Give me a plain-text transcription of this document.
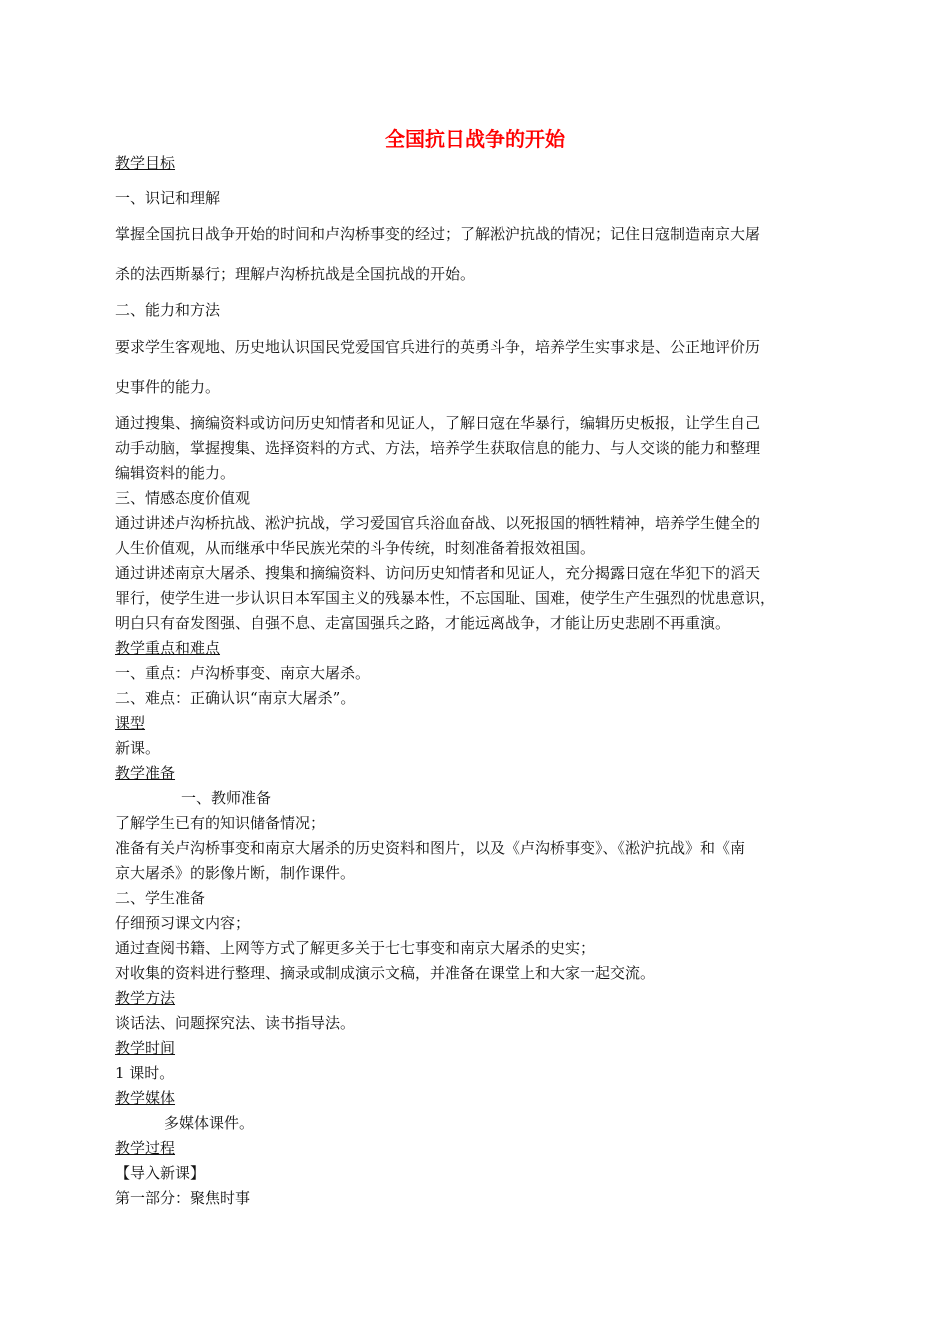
全国抗日战争的开始

教学目标

一、识记和理解

掌握全国抗日战争开始的时间和卢沟桥事变的经过；了解淞沪抗战的情况；记住日寇制造南京大屠

杀的法西斯暴行；理解卢沟桥抗战是全国抗战的开始。

二、能力和方法

要求学生客观地、历史地认识国民党爱国官兵进行的英勇斗争，培养学生实事求是、公正地评价历

史事件的能力。

通过搜集、摘编资料或访问历史知情者和见证人，了解日寇在华暴行，编辑历史板报，让学生自己

动手动脑，掌握搜集、选择资料的方式、方法，培养学生获取信息的能力、与人交谈的能力和整理

编辑资料的能力。

三、情感态度价值观

通过讲述卢沟桥抗战、淞沪抗战，学习爱国官兵浴血奋战、以死报国的牺牲精神，培养学生健全的

人生价值观，从而继承中华民族光荣的斗争传统，时刻准备着报效祖国。

通过讲述南京大屠杀、搜集和摘编资料、访问历史知情者和见证人，充分揭露日寇在华犯下的滔天

罪行，使学生进一步认识日本军国主义的残暴本性，不忘国耻、国难，使学生产生强烈的忧患意识，

明白只有奋发图强、自强不息、走富国强兵之路，才能远离战争，才能让历史悲剧不再重演。

教学重点和难点

一、重点：卢沟桥事变、南京大屠杀。

二、难点：正确认识“南京大屠杀”。

课型

新课。

教学准备

一、教师准备

了解学生已有的知识储备情况；

准备有关卢沟桥事变和南京大屠杀的历史资料和图片，以及《卢沟桥事变》、《淞沪抗战》和《南

京大屠杀》的影像片断，制作课件。

二、学生准备

仔细预习课文内容；

通过查阅书籍、上网等方式了解更多关于七七事变和南京大屠杀的史实；

对收集的资料进行整理、摘录或制成演示文稿，并准备在课堂上和大家一起交流。

教学方法

谈话法、问题探究法、读书指导法。

教学时间

1 课时。

教学媒体

多媒体课件。

教学过程

【导入新课】

第一部分：聚焦时事
